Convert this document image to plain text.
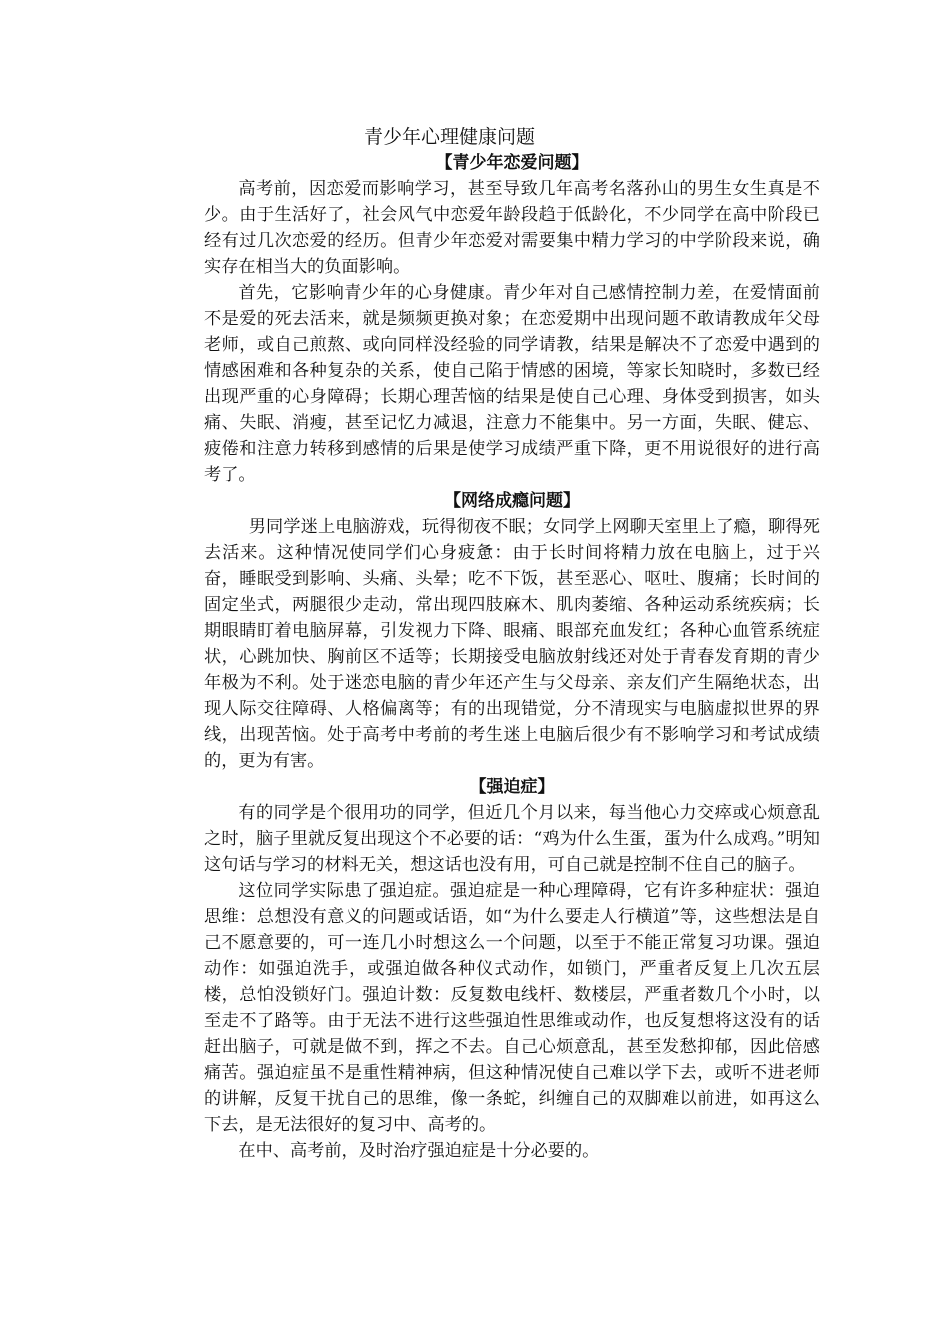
青少年心理健康问题
【青少年恋爱问题】

高考前，因恋爱而影响学习，甚至导致几年高考名落孙山的男生女生真是不少。由于生活好了，社会风气中恋爱年龄段趋于低龄化，不少同学在高中阶段已经有过几次恋爱的经历。但青少年恋爱对需要集中精力学习的中学阶段来说，确实存在相当大的负面影响。

首先，它影响青少年的心身健康。青少年对自己感情控制力差，在爱情面前不是爱的死去活来，就是频频更换对象；在恋爱期中出现问题不敢请教成年父母老师，或自己煎熬、或向同样没经验的同学请教，结果是解决不了恋爱中遇到的情感困难和各种复杂的关系，使自己陷于情感的困境，等家长知晓时，多数已经出现严重的心身障碍；长期心理苦恼的结果是使自己心理、身体受到损害，如头痛、失眠、消瘦，甚至记忆力减退，注意力不能集中。另一方面，失眠、健忘、疲倦和注意力转移到感情的后果是使学习成绩严重下降，更不用说很好的进行高考了。

【网络成瘾问题】

男同学迷上电脑游戏，玩得彻夜不眠；女同学上网聊天室里上了瘾，聊得死去活来。这种情况使同学们心身疲惫：由于长时间将精力放在电脑上，过于兴奋，睡眠受到影响、头痛、头晕；吃不下饭，甚至恶心、呕吐、腹痛；长时间的固定坐式，两腿很少走动，常出现四肢麻木、肌肉萎缩、各种运动系统疾病；长期眼睛盯着电脑屏幕，引发视力下降、眼痛、眼部充血发红；各种心血管系统症状，心跳加快、胸前区不适等；长期接受电脑放射线还对处于青春发育期的青少年极为不利。处于迷恋电脑的青少年还产生与父母亲、亲友们产生隔绝状态，出现人际交往障碍、人格偏离等；有的出现错觉，分不清现实与电脑虚拟世界的界线，出现苦恼。处于高考中考前的考生迷上电脑后很少有不影响学习和考试成绩的，更为有害。

【强迫症】

有的同学是个很用功的同学，但近几个月以来，每当他心力交瘁或心烦意乱之时，脑子里就反复出现这个不必要的话：“鸡为什么生蛋，蛋为什么成鸡。”明知这句话与学习的材料无关，想这话也没有用，可自己就是控制不住自己的脑子。

这位同学实际患了强迫症。强迫症是一种心理障碍，它有许多种症状：强迫思维：总想没有意义的问题或话语，如“为什么要走人行横道”等，这些想法是自己不愿意要的，可一连几小时想这么一个问题，以至于不能正常复习功课。强迫动作：如强迫洗手，或强迫做各种仪式动作，如锁门，严重者反复上几次五层楼，总怕没锁好门。强迫计数：反复数电线杆、数楼层，严重者数几个小时，以至走不了路等。由于无法不进行这些强迫性思维或动作，也反复想将这没有的话赶出脑子，可就是做不到，挥之不去。自己心烦意乱，甚至发愁抑郁，因此倍感痛苦。强迫症虽不是重性精神病，但这种情况使自己难以学下去，或听不进老师的讲解，反复干扰自己的思维，像一条蛇，纠缠自己的双脚难以前进，如再这么下去，是无法很好的复习中、高考的。

在中、高考前，及时治疗强迫症是十分必要的。
